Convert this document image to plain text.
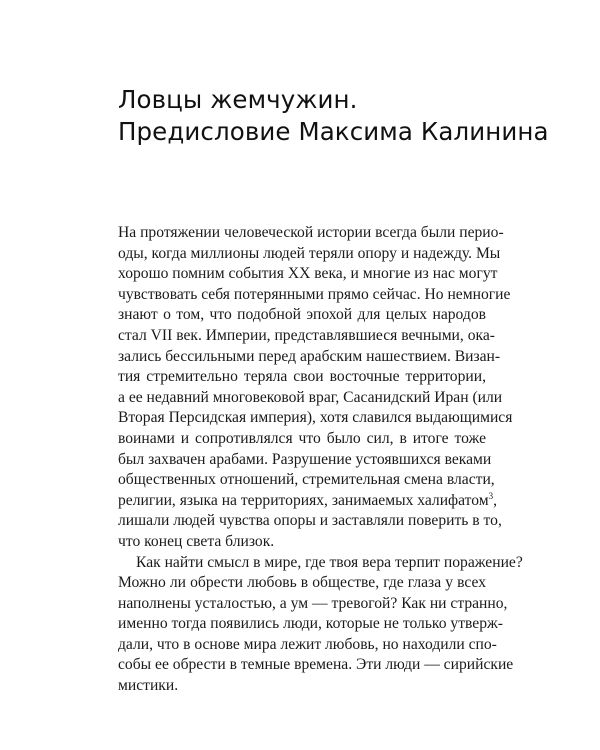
Ловцы жемчужин.
Предисловие Максима Калинина
На протяжении человеческой истории всегда были перио-
оды, когда миллионы людей теряли опору и надежду. Мы
хорошо помним события XX века, и многие из нас могут
чувствовать себя потерянными прямо сейчас. Но немногие
знают о том, что подобной эпохой для целых народов
стал VII век. Империи, представлявшиеся вечными, ока-
зались бессильными перед арабским нашествием. Визан-
тия стремительно теряла свои восточные территории,
а ее недавний многовековой враг, Сасанидский Иран (или
Вторая Персидская империя), хотя славился выдающимися
воинами и сопротивлялся что было сил, в итоге тоже
был захвачен арабами. Разрушение устоявшихся веками
общественных отношений, стремительная смена власти,
религии, языка на территориях, занимаемых халифатом$^3$,
лишали людей чувства опоры и заставляли поверить в то,
что конец света близок.
Как найти смысл в мире, где твоя вера терпит поражение?
Можно ли обрести любовь в обществе, где глаза у всех
наполнены усталостью, а ум — тревогой? Как ни странно,
именно тогда появились люди, которые не только утверж-
дали, что в основе мира лежит любовь, но находили спо-
собы ее обрести в темные времена. Эти люди — сирийские
мистики.
